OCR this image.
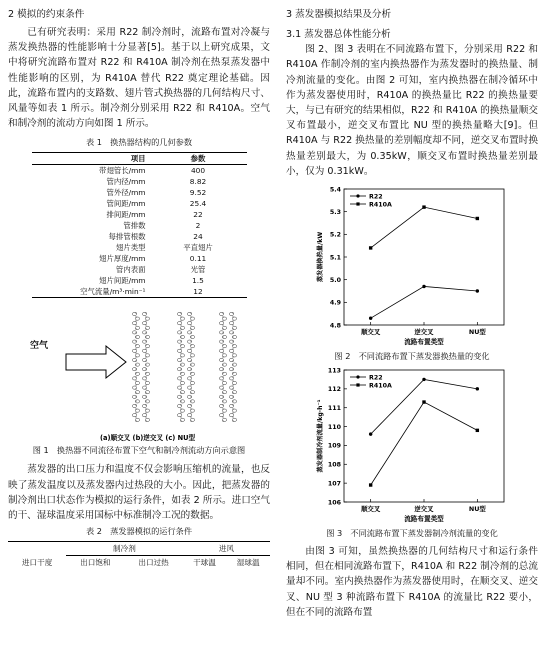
2 模拟的约束条件

已有研究表明：采用 R22 制冷剂时，流路布置对冷凝与蒸发换热器的性能影响十分显著[5]。基于以上研究成果，文中将研究流路布置对 R22 和 R410A 制冷剂在热泵蒸发器中性能影响的区别，为 R410A 替代 R22 奠定理论基础。因此，流路布置内的支路数、翅片管式换热器的几何结构尺寸、风量等如表 1 所示。制冷剂分别采用 R22 和 R410A。空气和制冷剂的流动方向如图 1 所示。

表 1　换热器结构的几何参数
项目	参数
带翅管长/mm	400
管内径/mm	8.82
管外径/mm	9.52
管间距/mm	25.4
排间距/mm	22
管排数	2
每排管根数	24
翅片类型	平直翅片
翅片厚度/mm	0.11
管内表面	光管
翅片间距/mm	1.5
空气流量/m³·min⁻¹	12
(a)顺交叉 (b)逆交叉 (c) NU型
空气
图 1　换热器不同流径布置下空气和制冷剂流动方向示意图

蒸发器的出口压力和温度不仅会影响压缩机的流量，也反映了蒸发温度以及蒸发器内过热段的大小。因此，把蒸发器的制冷剂出口状态作为模拟的运行条件，如表 2 所示。进口空气的干、湿球温度采用国标中标准制冷工况的数据。

表 2　蒸发器模拟的运行条件
	制冷剂		进风	
进口干度	出口饱和	出口过热	干球温	湿球温
3 蒸发器模拟结果及分析
3.1 蒸发器总体性能分析

图 2、图 3 表明在不同流路布置下，分别采用 R22 和 R410A 作制冷剂的室内换热器作为蒸发器时的换热量、制冷剂流量的变化。由图 2 可知，室内换热器在制冷循环中作为蒸发器使用时，R410A 的换热量比 R22 的换热量要大，与已有研究的结果相似，R22 和 R410A 的换热量顺交叉布置最小，逆交叉布置比 NU 型的换热量略大[9]。但 R410A 与 R22 换热量的差别幅度却不同，逆交叉布置时换热量差别最大，为 0.35kW，顺交叉布置时换热量差别最小，仅为 0.31kW。

4.8
4.9
5.0
5.1
5.2
5.3
5.4
顺交叉	逆交叉	NU型
流路布置类型
蒸发器换热量/kW
R22
R410A
图 2　不同流路布置下蒸发器换热量的变化
106
107
108
109
110
111
112
113
顺交叉	逆交叉	NU型
流路布置类型
蒸发器制冷剂流量/kg·h⁻¹
R22
R410A
图 3　不同流路布置下蒸发器制冷剂流量的变化

由图 3 可知，虽然换热器的几何结构尺寸和运行条件相同，但在相同流路布置下，R410A 和 R22 制冷剂的总流量却不同。室内换热器作为蒸发器使用时，在顺交叉、逆交叉、NU 型 3 种流路布置下 R410A 的流量比 R22 要小，但在不同的流路布置
